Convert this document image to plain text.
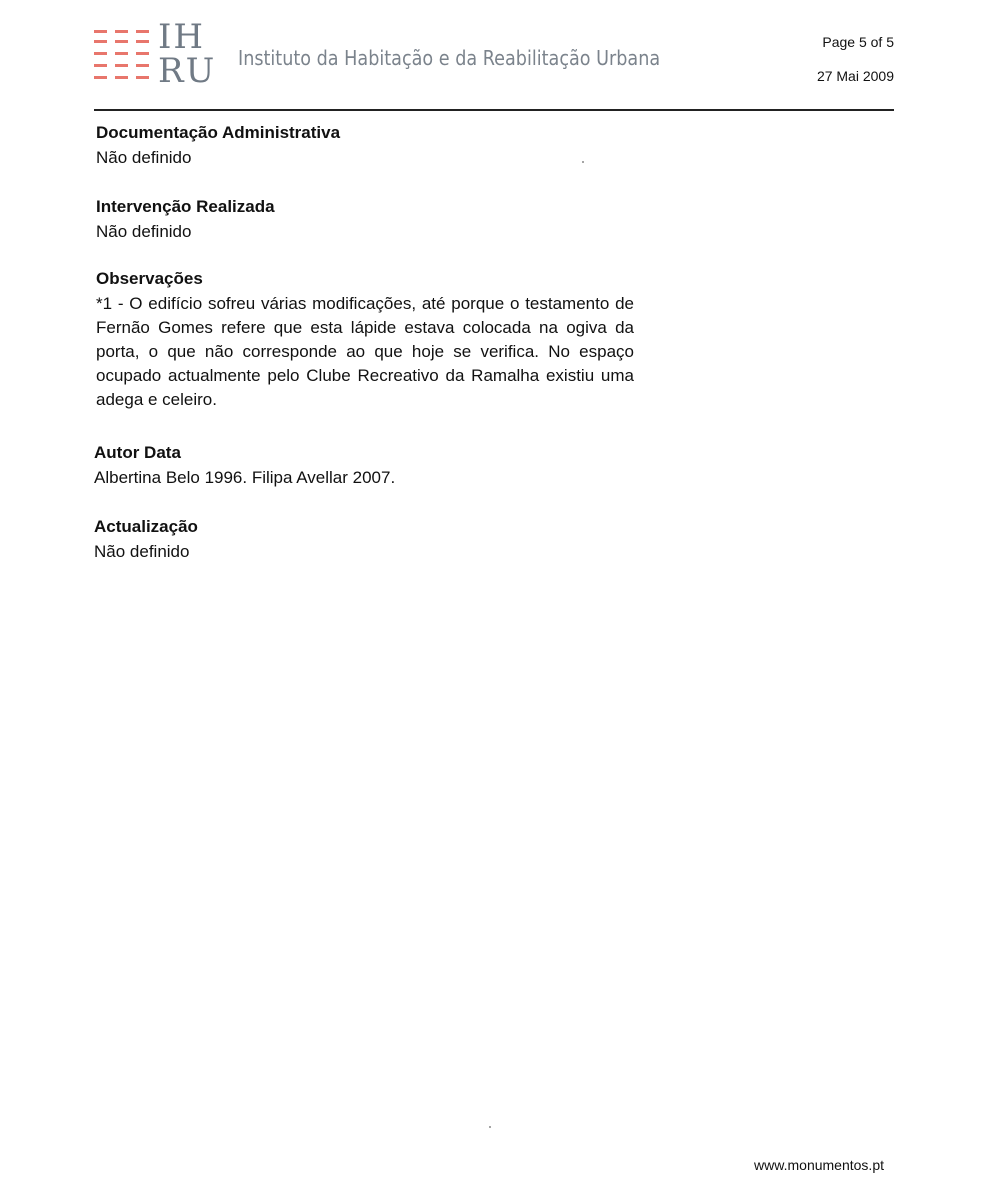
IH
RU Instituto da Habitação e da Reabilitação Urbana
Page 5 of 5
27 Mai 2009
Documentação Administrativa
Não definido
Intervenção Realizada
Não definido
Observações
*1 - O edifício sofreu várias modificações, até porque o testamento de Fernão Gomes refere que esta lápide estava colocada na ogiva da porta, o que não corresponde ao que hoje se verifica. No espaço ocupado actualmente pelo Clube Recreativo da Ramalha existiu uma adega e celeiro.
Autor Data
Albertina Belo 1996. Filipa Avellar 2007.
Actualização
Não definido
www.monumentos.pt
